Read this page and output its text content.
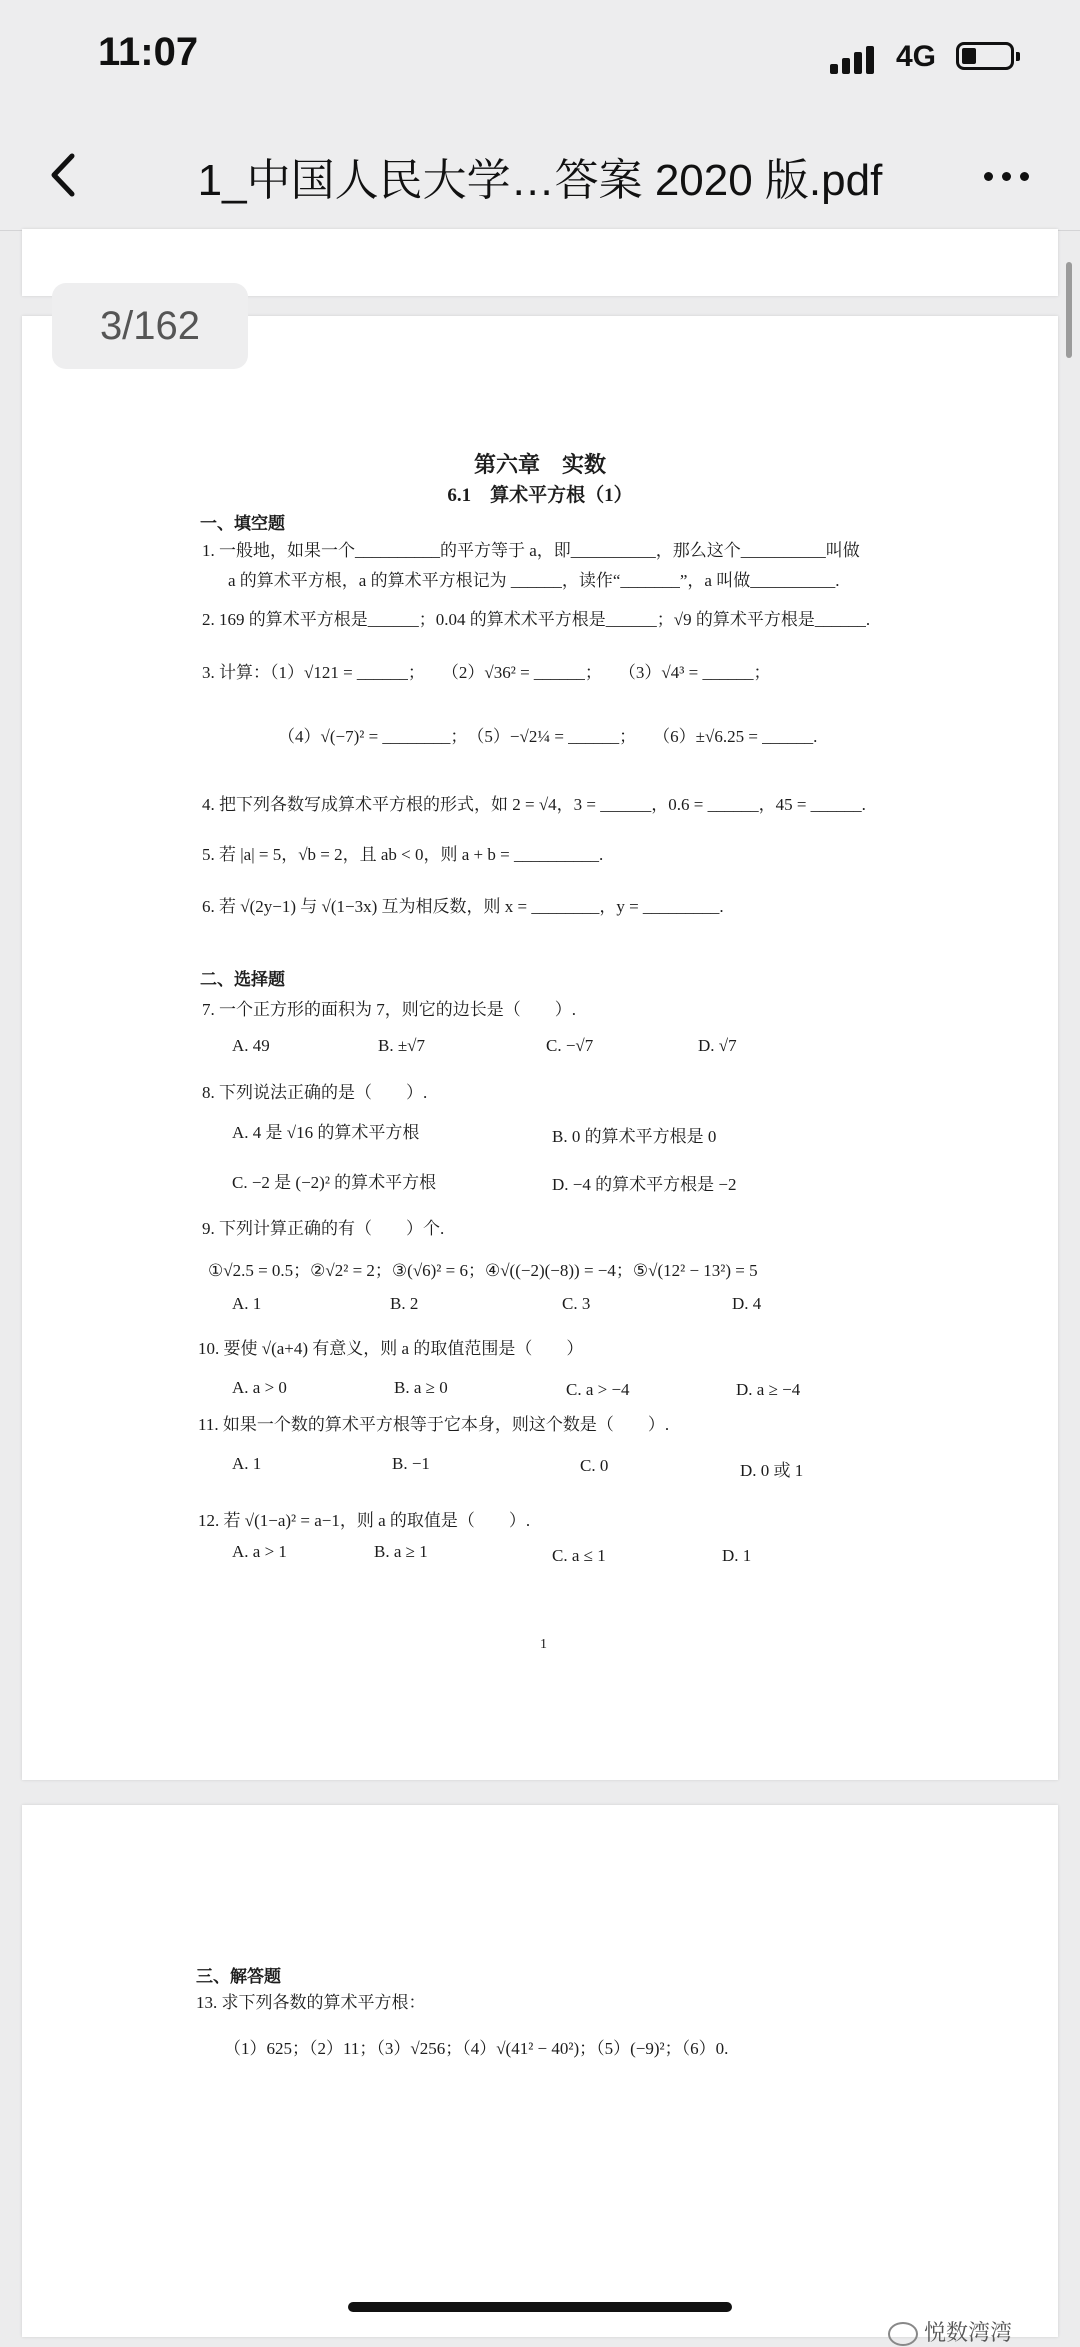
11:07	4G
1_中国人民大学…答案 2020 版.pdf
3/162
第六章　实数
6.1　算术平方根（1）
一、填空题
1. 一般地，如果一个__________的平方等于 a，即__________，那么这个__________叫做
a 的算术平方根，a 的算术平方根记为 ______，读作“_______”，a 叫做__________.
2. 169 的算术平方根是______；0.04 的算术术平方根是______；√9 的算术平方根是______.
3. 计算：（1）√121 = ______；　　（2）√36² = ______；　　（3）√4³ = ______；
（4）√(−7)² = ________；　（5）−√2¼ = ______；　　（6）±√6.25 = ______.
4. 把下列各数写成算术平方根的形式，如 2 = √4，3 = ______，0.6 = ______，45 = ______.
5. 若 |a| = 5，√b = 2，且 ab < 0，则 a + b = __________.
6. 若 √(2y−1) 与 √(1−3x) 互为相反数，则 x = ________，y = _________.
二、选择题
7. 一个正方形的面积为 7，则它的边长是（　　）.
A. 49	B. ±√7	C. −√7	D. √7
8. 下列说法正确的是（　　）.
A. 4 是 √16 的算术平方根	B. 0 的算术平方根是 0
C. −2 是 (−2)² 的算术平方根	D. −4 的算术平方根是 −2
9. 下列计算正确的有（　　）个.
①√2.5 = 0.5；②√2² = 2；③(√6)² = 6；④√((−2)(−8)) = −4；⑤√(12² − 13²) = 5
A. 1	B. 2	C. 3	D. 4
10. 要使 √(a+4) 有意义，则 a 的取值范围是（　　）
A. a > 0	B. a ≥ 0	C. a > −4	D. a ≥ −4
11. 如果一个数的算术平方根等于它本身，则这个数是（　　）.
A. 1	B. −1	C. 0	D. 0 或 1
12. 若 √(1−a)² = a−1，则 a 的取值是（　　）.
A. a > 1	B. a ≥ 1	C. a ≤ 1	D. 1
1
三、解答题
13. 求下列各数的算术平方根：
（1）625；（2）11；（3）√256；（4）√(41² − 40²)；（5）(−9)²；（6）0.
悦数湾湾
